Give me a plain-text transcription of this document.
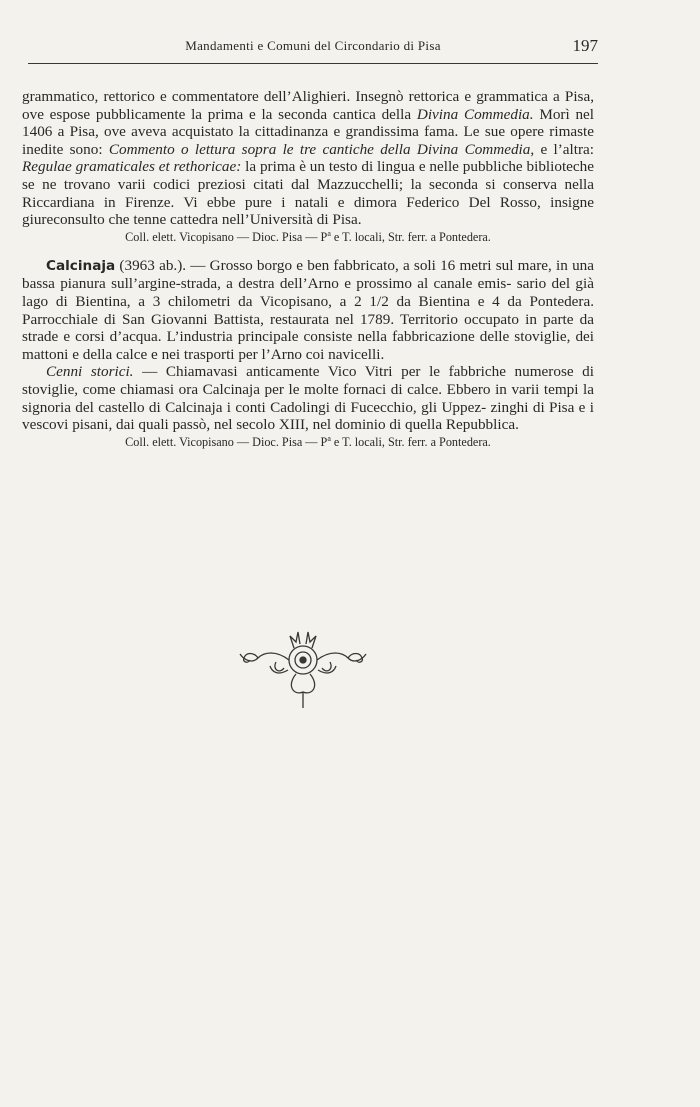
Mandamenti e Comuni del Circondario di Pisa	197

grammatico, rettorico e commentatore dell’Alighieri. Insegnò rettorica e grammatica a Pisa, ove espose pubblicamente la prima e la seconda cantica della Divina Commedia. Morì nel 1406 a Pisa, ove aveva acquistato la cittadinanza e grandissima fama. Le sue opere rimaste inedite sono: Commento o lettura sopra le tre cantiche della Divina Commedia, e l’altra: Regulae gramaticales et rethoricae: la prima è un testo di lingua e nelle pubbliche biblioteche se ne trovano varii codici preziosi citati dal Mazzucchelli; la seconda si conserva nella Riccardiana in Firenze. Vi ebbe pure i natali e dimora Federico Del Rosso, insigne giureconsulto che tenne cattedra nell’Università di Pisa.

Coll. elett. Vicopisano — Dioc. Pisa — $P^a$ e T. locali, Str. ferr. a Pontedera.

Calcinaja (3963 ab.). — Grosso borgo e ben fabbricato, a soli 16 metri sul mare, in una bassa pianura sull’argine-strada, a destra dell’Arno e prossimo al canale emis- sario del già lago di Bientina, a 3 chilometri da Vicopisano, a 2 1/2 da Bientina e 4 da Pontedera. Parrocchiale di San Giovanni Battista, restaurata nel 1789. Territorio occupato in parte da strade e corsi d’acqua. L’industria principale consiste nella fabbricazione delle stoviglie, dei mattoni e della calce e nei trasporti per l’Arno coi navicelli.

Cenni storici. — Chiamavasi anticamente Vico Vitri per le fabbriche numerose di stoviglie, come chiamasi ora Calcinaja per le molte fornaci di calce. Ebbero in varii tempi la signoria del castello di Calcinaja i conti Cadolingi di Fucecchio, gli Uppez- zinghi di Pisa e i vescovi pisani, dai quali passò, nel secolo XIII, nel dominio di quella Repubblica.

Coll. elett. Vicopisano — Dioc. Pisa — $P^a$ e T. locali, Str. ferr. a Pontedera.
